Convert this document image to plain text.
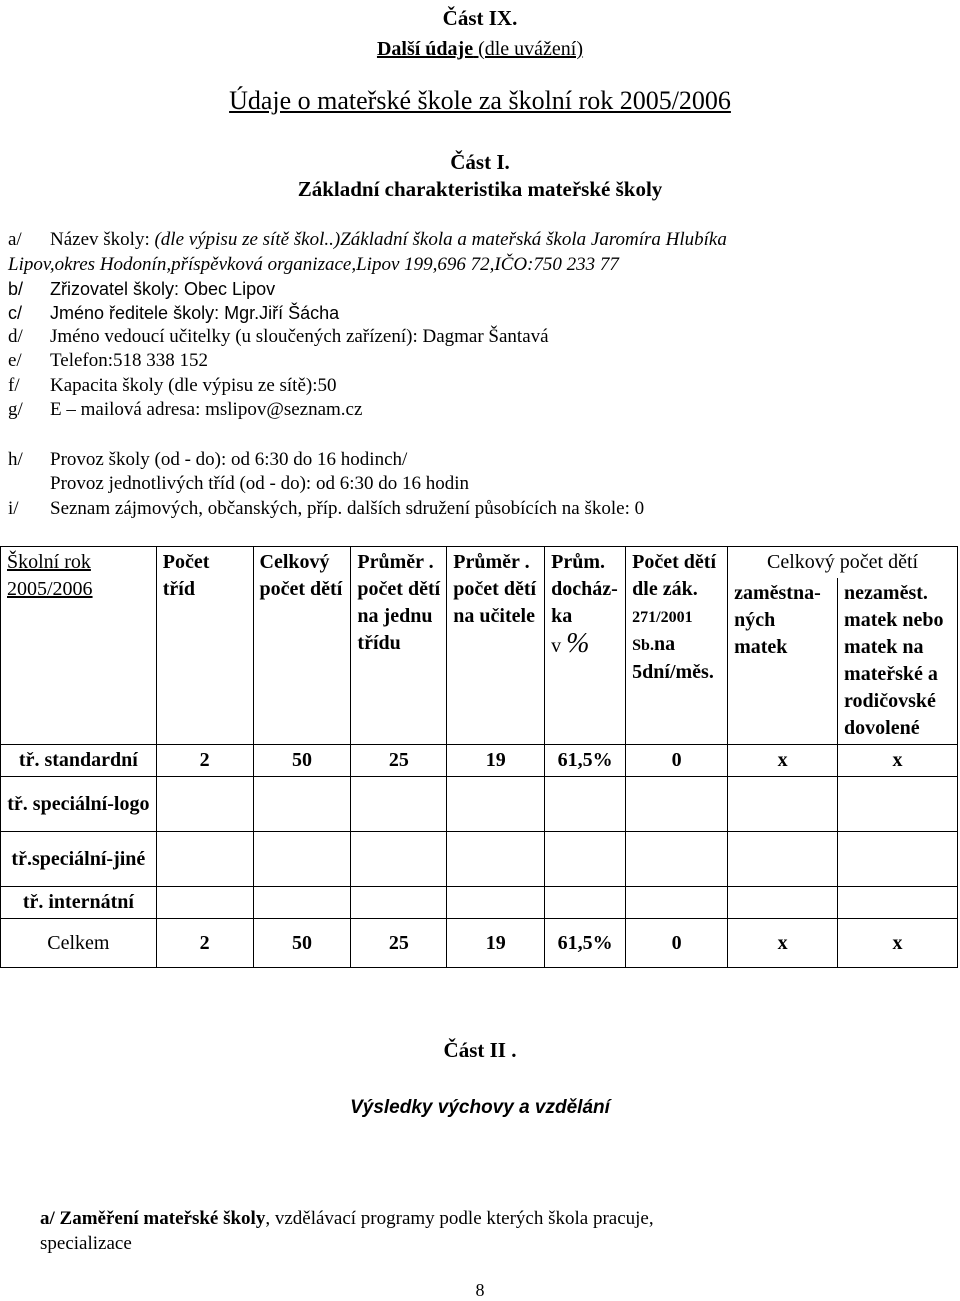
Část IX.
Další údaje (dle uvážení)
Údaje o mateřské škole za školní rok 2005/2006
Část I.
Základní charakteristika mateřské školy
a/ Název školy: (dle výpisu ze sítě škol..)Základní škola a mateřská škola Jaromíra Hlubíka
Lipov,okres Hodonín,příspěvková organizace,Lipov 199,696 72,IČO:750 233 77
b/ Zřizovatel školy: Obec Lipov
c/ Jméno ředitele školy: Mgr.Jiří Šácha
d/ Jméno vedoucí učitelky (u sloučených zařízení): Dagmar Šantavá
e/ Telefon:518 338 152
f/ Kapacita školy (dle výpisu ze sítě):50
g/ E – mailová adresa: mslipov@seznam.cz
h/ Provoz školy (od - do): od 6:30 do 16 hodinch/
Provoz jednotlivých tříd (od - do): od 6:30 do 16 hodin
i/ Seznam zájmových, občanských, příp. dalších sdružení působících na škole: 0
Školní rok 2005/2006	Počet tříd	Celkový počet dětí	Průměr . počet dětí na jednu třídu	Průměr . počet dětí na učitele	Prům. docház-ka
v %	Počet dětí dle zák.
271/2001
Sb.na 5dní/měs.	Celkový počet dětí	
							zaměstna-ných matek	nezaměst. matek nebo matek na mateřské a rodičovské dovolené
tř. standardní	2	50	25	19	61,5%	0	x	x
tř. speciální-logo								
tř.speciální-jiné								
tř. internátní								
Celkem	2	50	25	19	61,5%	0	x	x
Část II .
Výsledky výchovy a vzdělání
a/ Zaměření mateřské školy, vzdělávací programy podle kterých škola pracuje,
specializace
8
